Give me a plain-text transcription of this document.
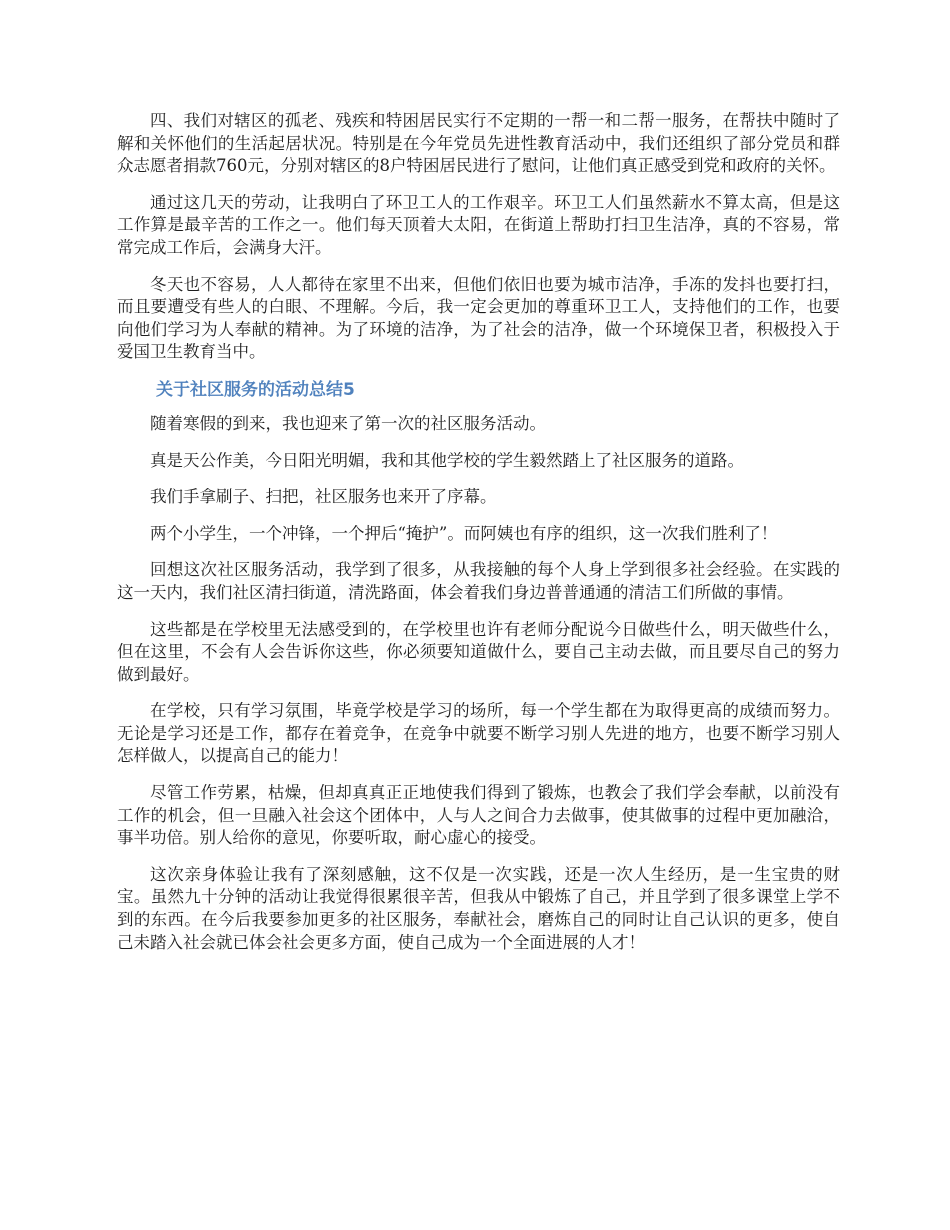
四、我们对辖区的孤老、残疾和特困居民实行不定期的一帮一和二帮一服务，在帮扶中随时了解和关怀他们的生活起居状况。特别是在今年党员先进性教育活动中，我们还组织了部分党员和群众志愿者捐款760元，分别对辖区的8户特困居民进行了慰问，让他们真正感受到党和政府的关怀。

通过这几天的劳动，让我明白了环卫工人的工作艰辛。环卫工人们虽然薪水不算太高，但是这工作算是最辛苦的工作之一。他们每天顶着大太阳，在街道上帮助打扫卫生洁净，真的不容易，常常完成工作后，会满身大汗。

冬天也不容易，人人都待在家里不出来，但他们依旧也要为城市洁净，手冻的发抖也要打扫，而且要遭受有些人的白眼、不理解。今后，我一定会更加的尊重环卫工人，支持他们的工作，也要向他们学习为人奉献的精神。为了环境的洁净，为了社会的洁净，做一个环境保卫者，积极投入于爱国卫生教育当中。

关于社区服务的活动总结5

随着寒假的到来，我也迎来了第一次的社区服务活动。

真是天公作美，今日阳光明媚，我和其他学校的学生毅然踏上了社区服务的道路。

我们手拿刷子、扫把，社区服务也来开了序幕。

两个小学生，一个冲锋，一个押后“掩护”。而阿姨也有序的组织，这一次我们胜利了！

回想这次社区服务活动，我学到了很多，从我接触的每个人身上学到很多社会经验。在实践的这一天内，我们社区清扫街道，清洗路面，体会着我们身边普普通通的清洁工们所做的事情。

这些都是在学校里无法感受到的，在学校里也许有老师分配说今日做些什么，明天做些什么，但在这里，不会有人会告诉你这些，你必须要知道做什么，要自己主动去做，而且要尽自己的努力做到最好。

在学校，只有学习氛围，毕竟学校是学习的场所，每一个学生都在为取得更高的成绩而努力。无论是学习还是工作，都存在着竞争，在竞争中就要不断学习别人先进的地方，也要不断学习别人怎样做人，以提高自己的能力！

尽管工作劳累，枯燥，但却真真正正地使我们得到了锻炼，也教会了我们学会奉献，以前没有工作的机会，但一旦融入社会这个团体中，人与人之间合力去做事，使其做事的过程中更加融洽，事半功倍。别人给你的意见，你要听取，耐心虚心的接受。

这次亲身体验让我有了深刻感触，这不仅是一次实践，还是一次人生经历，是一生宝贵的财宝。虽然九十分钟的活动让我觉得很累很辛苦，但我从中锻炼了自己，并且学到了很多课堂上学不到的东西。在今后我要参加更多的社区服务，奉献社会，磨炼自己的同时让自己认识的更多，使自己未踏入社会就已体会社会更多方面，使自己成为一个全面进展的人才！
